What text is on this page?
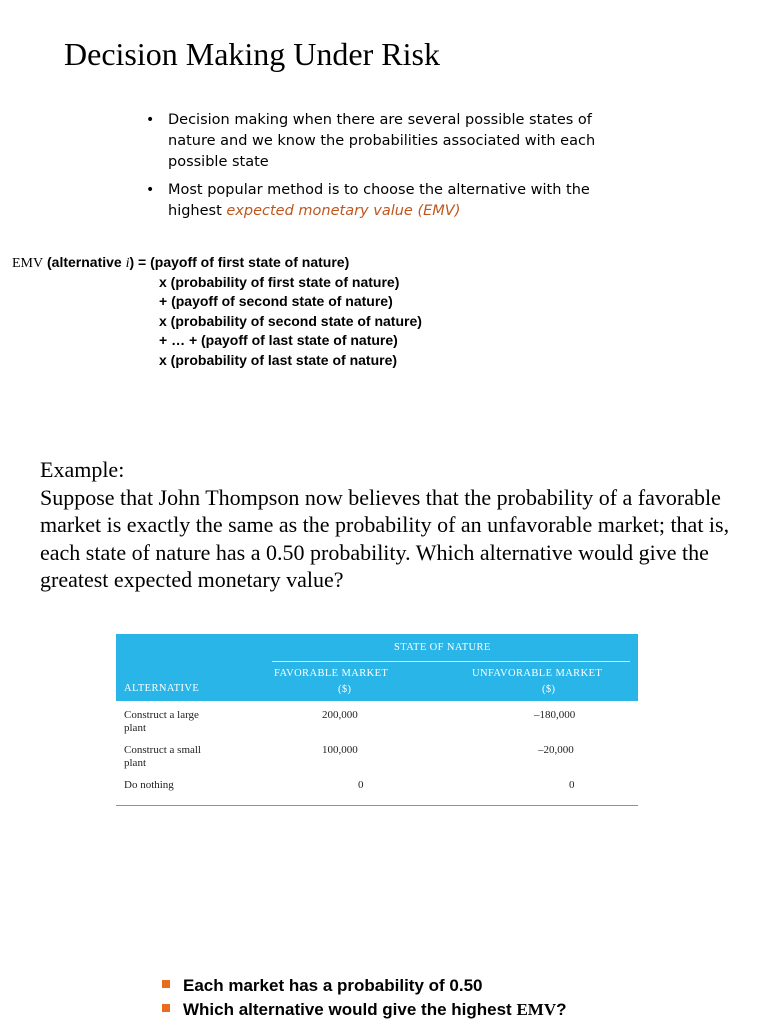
Decision Making Under Risk
• Decision making when there are several possible states of nature and we know the probabilities associated with each possible state
• Most popular method is to choose the alternative with the highest expected monetary value (EMV)
EMV (alternative i) = (payoff of first state of nature)
x (probability of first state of nature)
+ (payoff of second state of nature)
x (probability of second state of nature)
+ … + (payoff of last state of nature)
x (probability of last state of nature)
Example:
Suppose that John Thompson now believes that the probability of a favorable market is exactly the same as the probability of an unfavorable market; that is, each state of nature has a 0.50 probability. Which alternative would give the greatest expected monetary value?
STATE OF NATURE
FAVORABLE MARKET
($)
UNFAVORABLE MARKET
($)
ALTERNATIVE
Construct a large
plant
200,000	–180,000
Construct a small
plant
100,000	–20,000
Do nothing	0	0
Each market has a probability of 0.50
Which alternative would give the highest EMV?
